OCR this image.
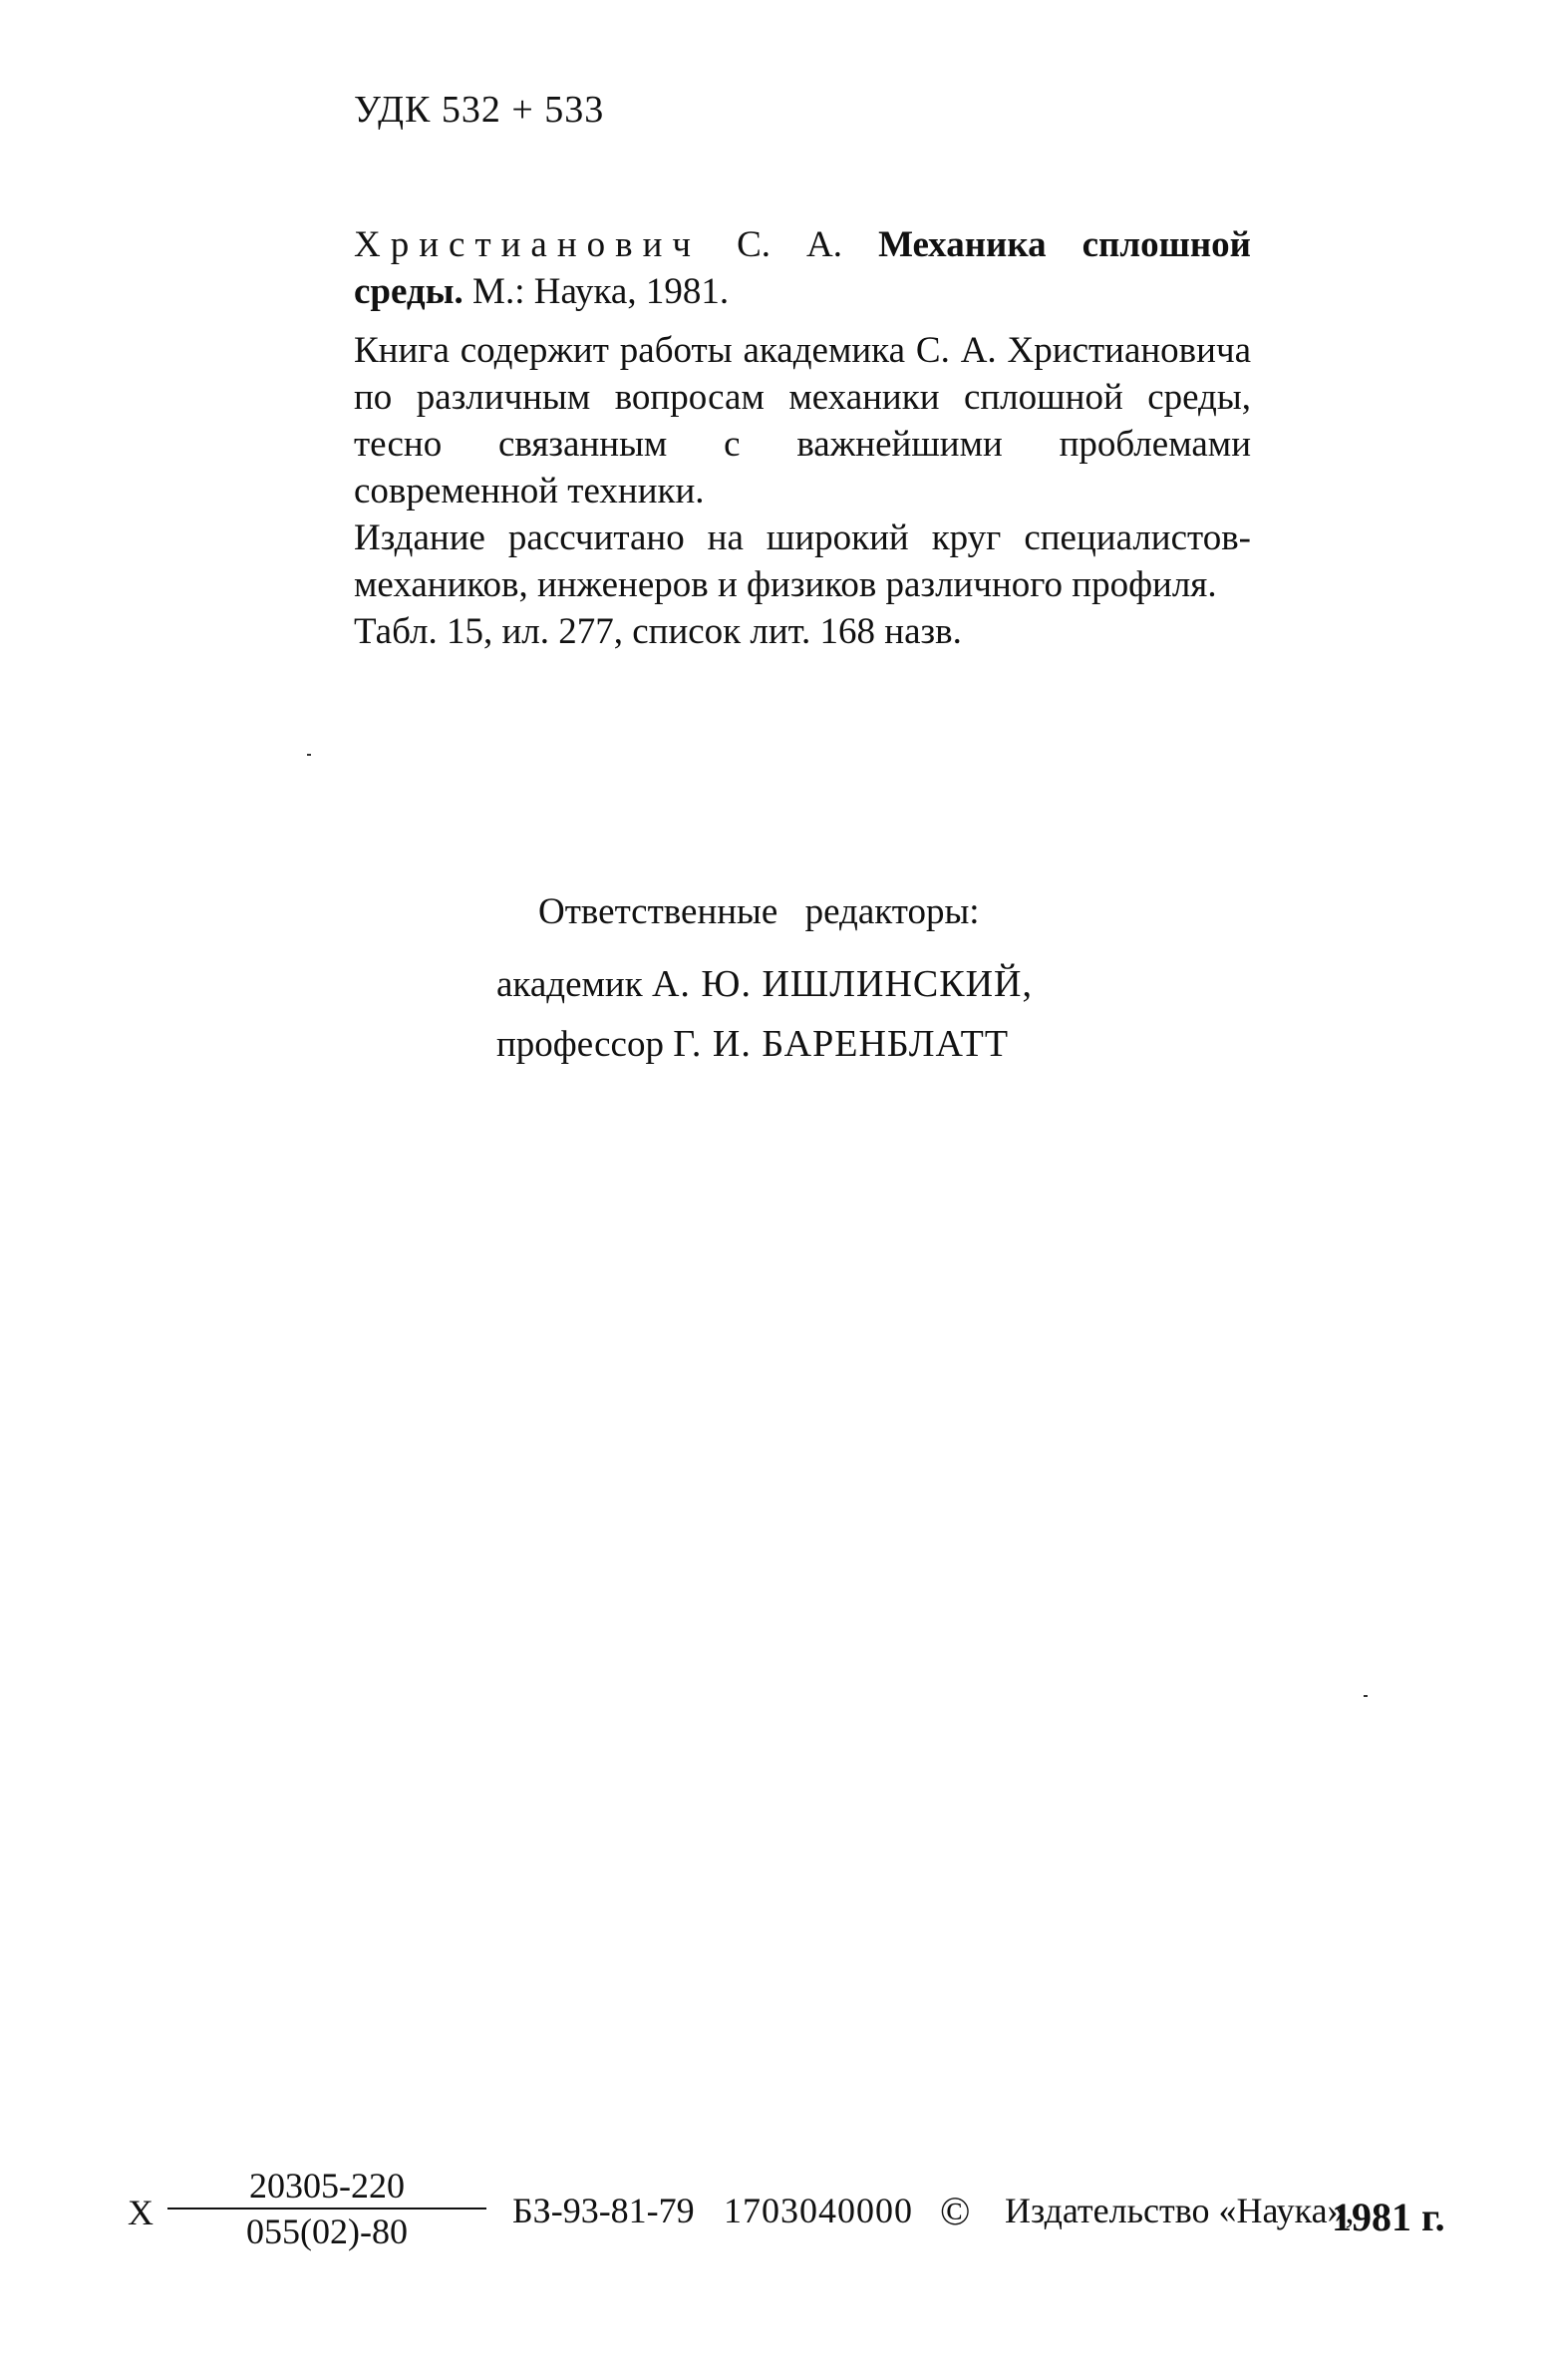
УДК 532 + 533

Христианович С. А. Механика сплошной среды. М.: Наука, 1981.

Книга содержит работы академика С. А. Христиановича по различным вопросам механики сплошной среды, тесно связанным с важнейшими проблемами современной техники.

Издание рассчитано на широкий круг специалистов-механиков, инженеров и физиков различного профиля.

Табл. 15, ил. 277, список лит. 168 назв.

Ответственные редакторы:
академик А. Ю. ИШЛИНСКИЙ,
профессор Г. И. БАРЕНБЛАТТ
Х $\frac{20305-220}{055(02)-80} БЗ-93-81-79$ 1703040000 © Издательство «Наука»,
1981 г.
